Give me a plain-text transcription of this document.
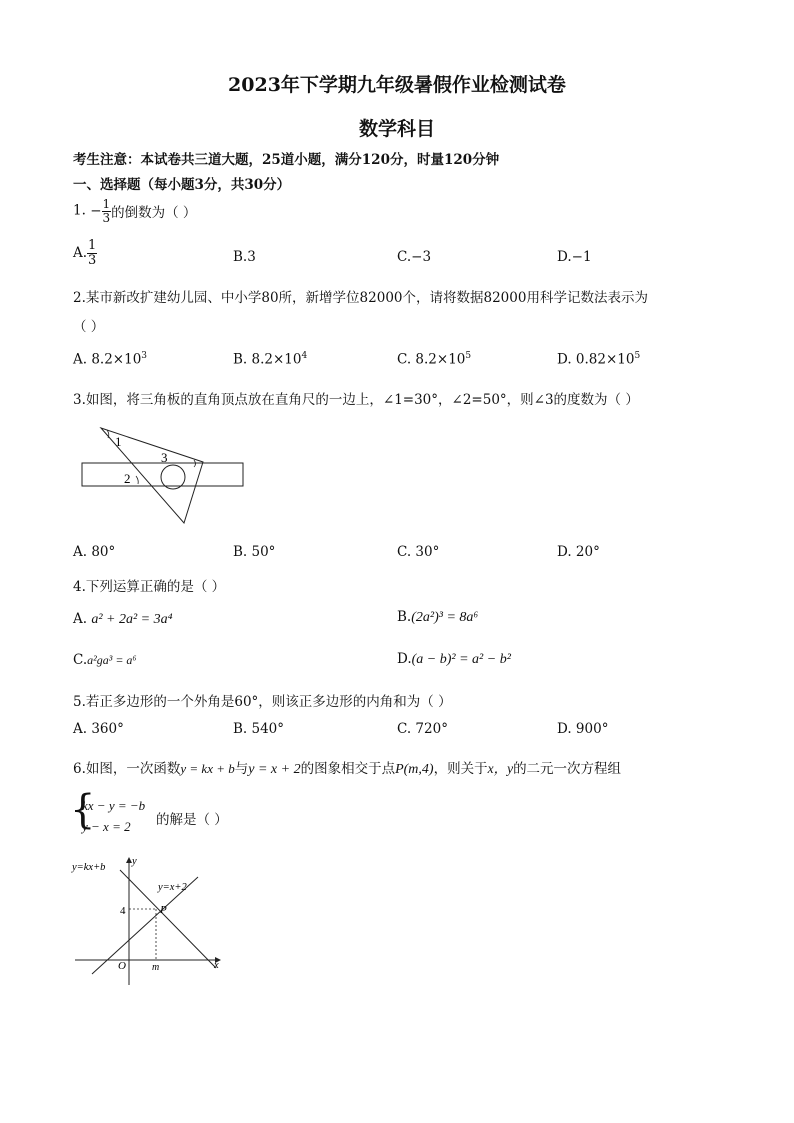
2023年下学期九年级暑假作业检测试卷
数学科目
考生注意：本试卷共三道大题，25道小题，满分120分，时量120分钟
一、选择题（每小题3分，共30分）
1. − $\frac{1}{3}$ 的倒数为（ ）
A. $\frac{1}{3}$	B.3	C.−3	D.−1
2.某市新改扩建幼儿园、中小学80所，新增学位82000个，请将数据82000用科学记数法表示为
（ ）
A. $8.2\times 10^3$	B. $8.2\times 10^4$	C. $8.2\times 10^5$	D. $0.82\times 10^5$
3.如图，将三角板的直角顶点放在直角尺的一边上，∠1=30°，∠2=50°，则∠3的度数为（ ）
1
2
3
A. 80°	B. 50°	C. 30°	D. 20°
4.下列运算正确的是（ ）
A. a² + 2a² = 3a⁴	B.(2a²)³ = 8a⁶
C.a²ga³ = a⁶	D.(a − b)² = a² − b²
5.若正多边形的一个外角是60°，则该正多边形的内角和为（ ）
A. 360°	B. 540°	C. 720°	D. 900°
6.如图，一次函数y = kx + b与y = x + 2的图象相交于点P(m,4)，则关于x，y的二元一次方程组
{
kx − y = −b
y − x = 2 的解是（ ）
y=kx+b
y=x+2
y
x
O
P
4
m
